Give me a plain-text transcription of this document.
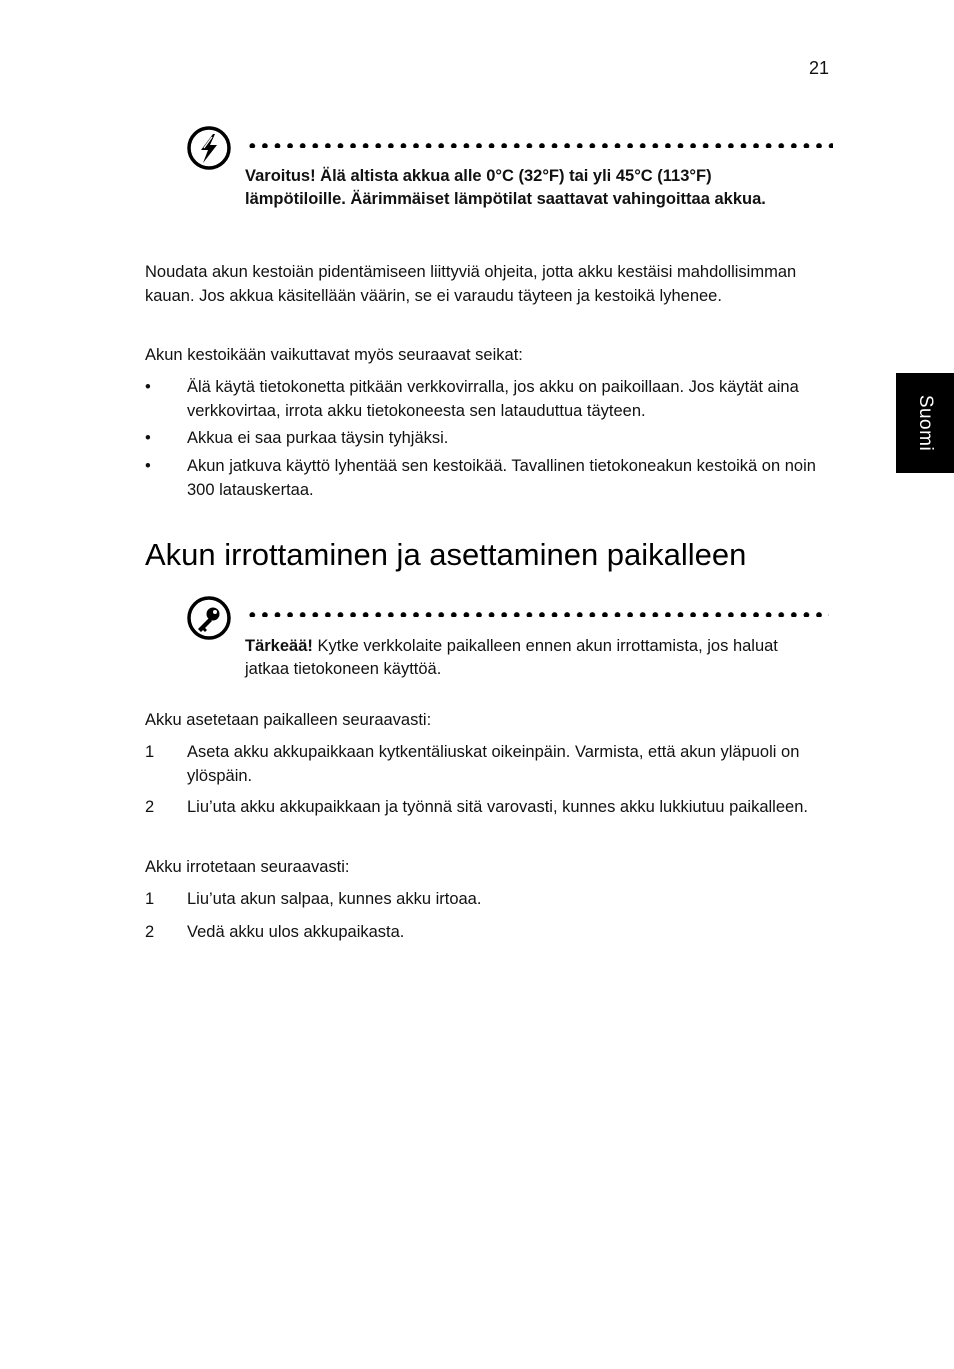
21
Suomi
Varoitus! Älä altista akkua alle 0°C (32°F) tai yli 45°C (113°F) lämpötiloille. Äärimmäiset lämpötilat saattavat vahingoittaa akkua.

Noudata akun kestoiän pidentämiseen liittyviä ohjeita, jotta akku kestäisi mahdollisimman kauan. Jos akkua käsitellään väärin, se ei varaudu täyteen ja kestoikä lyhenee.

Akun kestoikään vaikuttavat myös seuraavat seikat:

• Älä käytä tietokonetta pitkään verkkovirralla, jos akku on paikoillaan. Jos käytät aina verkkovirtaa, irrota akku tietokoneesta sen latauduttua täyteen.
• Akkua ei saa purkaa täysin tyhjäksi.
• Akun jatkuva käyttö lyhentää sen kestoikää. Tavallinen tietokoneakun kestoikä on noin 300 latauskertaa.
Akun irrottaminen ja asettaminen paikalleen
Tärkeää! Kytke verkkolaite paikalleen ennen akun irrottamista, jos haluat jatkaa tietokoneen käyttöä.

Akku asetetaan paikalleen seuraavasti:

1 Aseta akku akkupaikkaan kytkentäliuskat oikeinpäin. Varmista, että akun yläpuoli on ylöspäin.
2 Liu’uta akku akkupaikkaan ja työnnä sitä varovasti, kunnes akku lukkiutuu paikalleen.

Akku irrotetaan seuraavasti:

1 Liu’uta akun salpaa, kunnes akku irtoaa.
2 Vedä akku ulos akkupaikasta.
